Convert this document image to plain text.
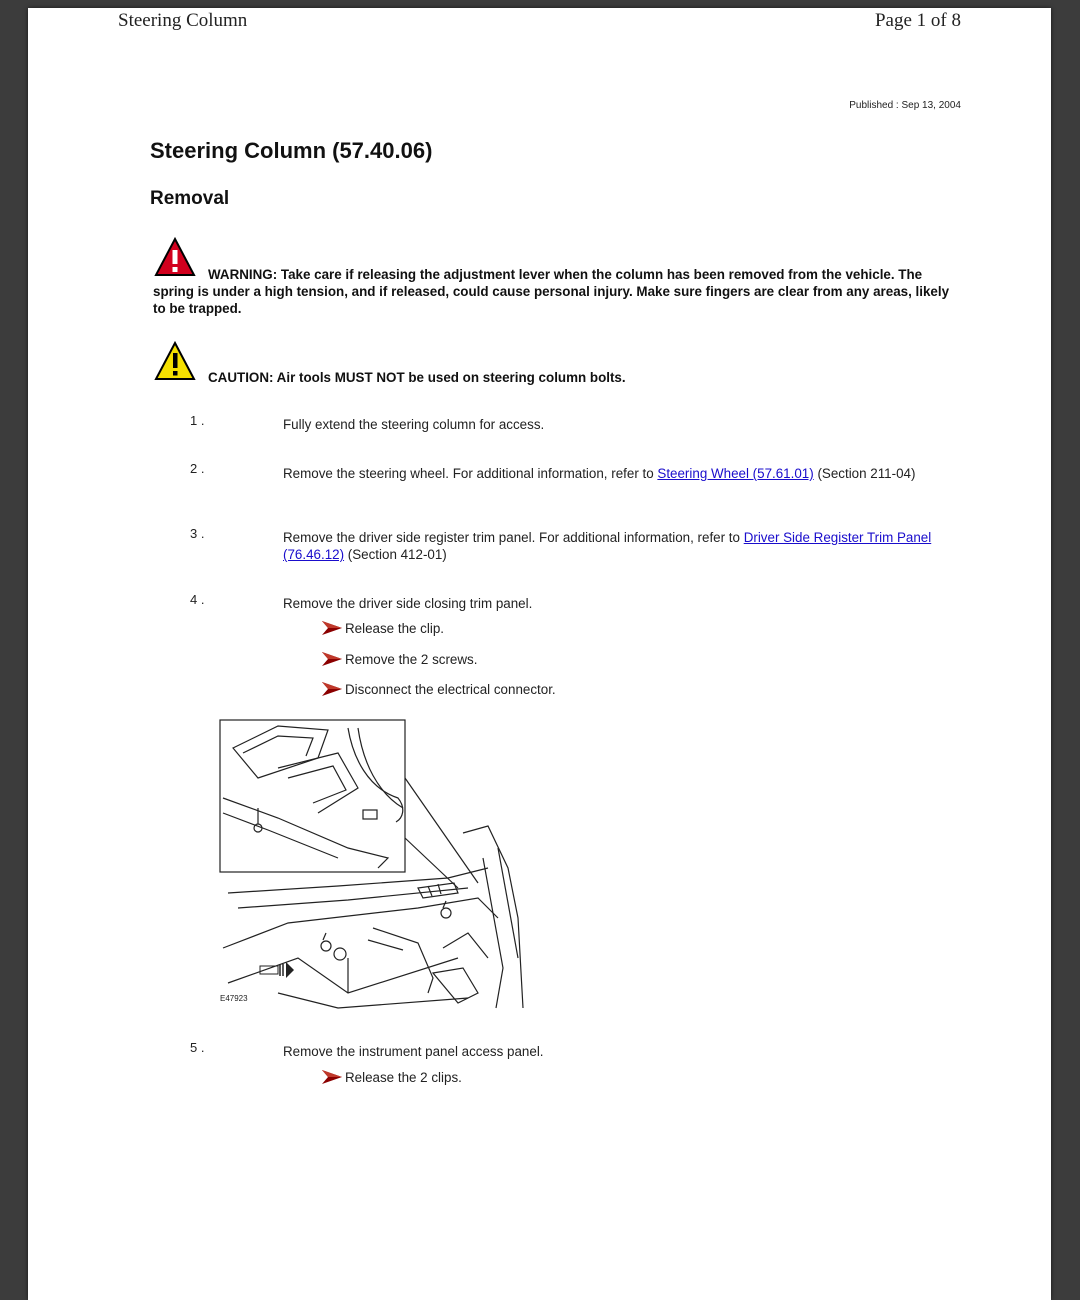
Steering Column	Page 1 of 8
Published : Sep 13, 2004
Steering Column (57.40.06)
Removal
WARNING: Take care if releasing the adjustment lever when the column has been removed from the vehicle. The spring is under a high tension, and if released, could cause personal injury. Make sure fingers are clear from any areas, likely to be trapped.
CAUTION: Air tools MUST NOT be used on steering column bolts.
1 .	Fully extend the steering column for access.
2 .	Remove the steering wheel. For additional information, refer to Steering Wheel (57.61.01) (Section 211-04)
3 .	Remove the driver side register trim panel. For additional information, refer to Driver Side Register Trim Panel (76.46.12) (Section 412-01)
4 .	Remove the driver side closing trim panel.
Release the clip.
Remove the 2 screws.
Disconnect the electrical connector.
E47923
5 .	Remove the instrument panel access panel.
Release the 2 clips.
